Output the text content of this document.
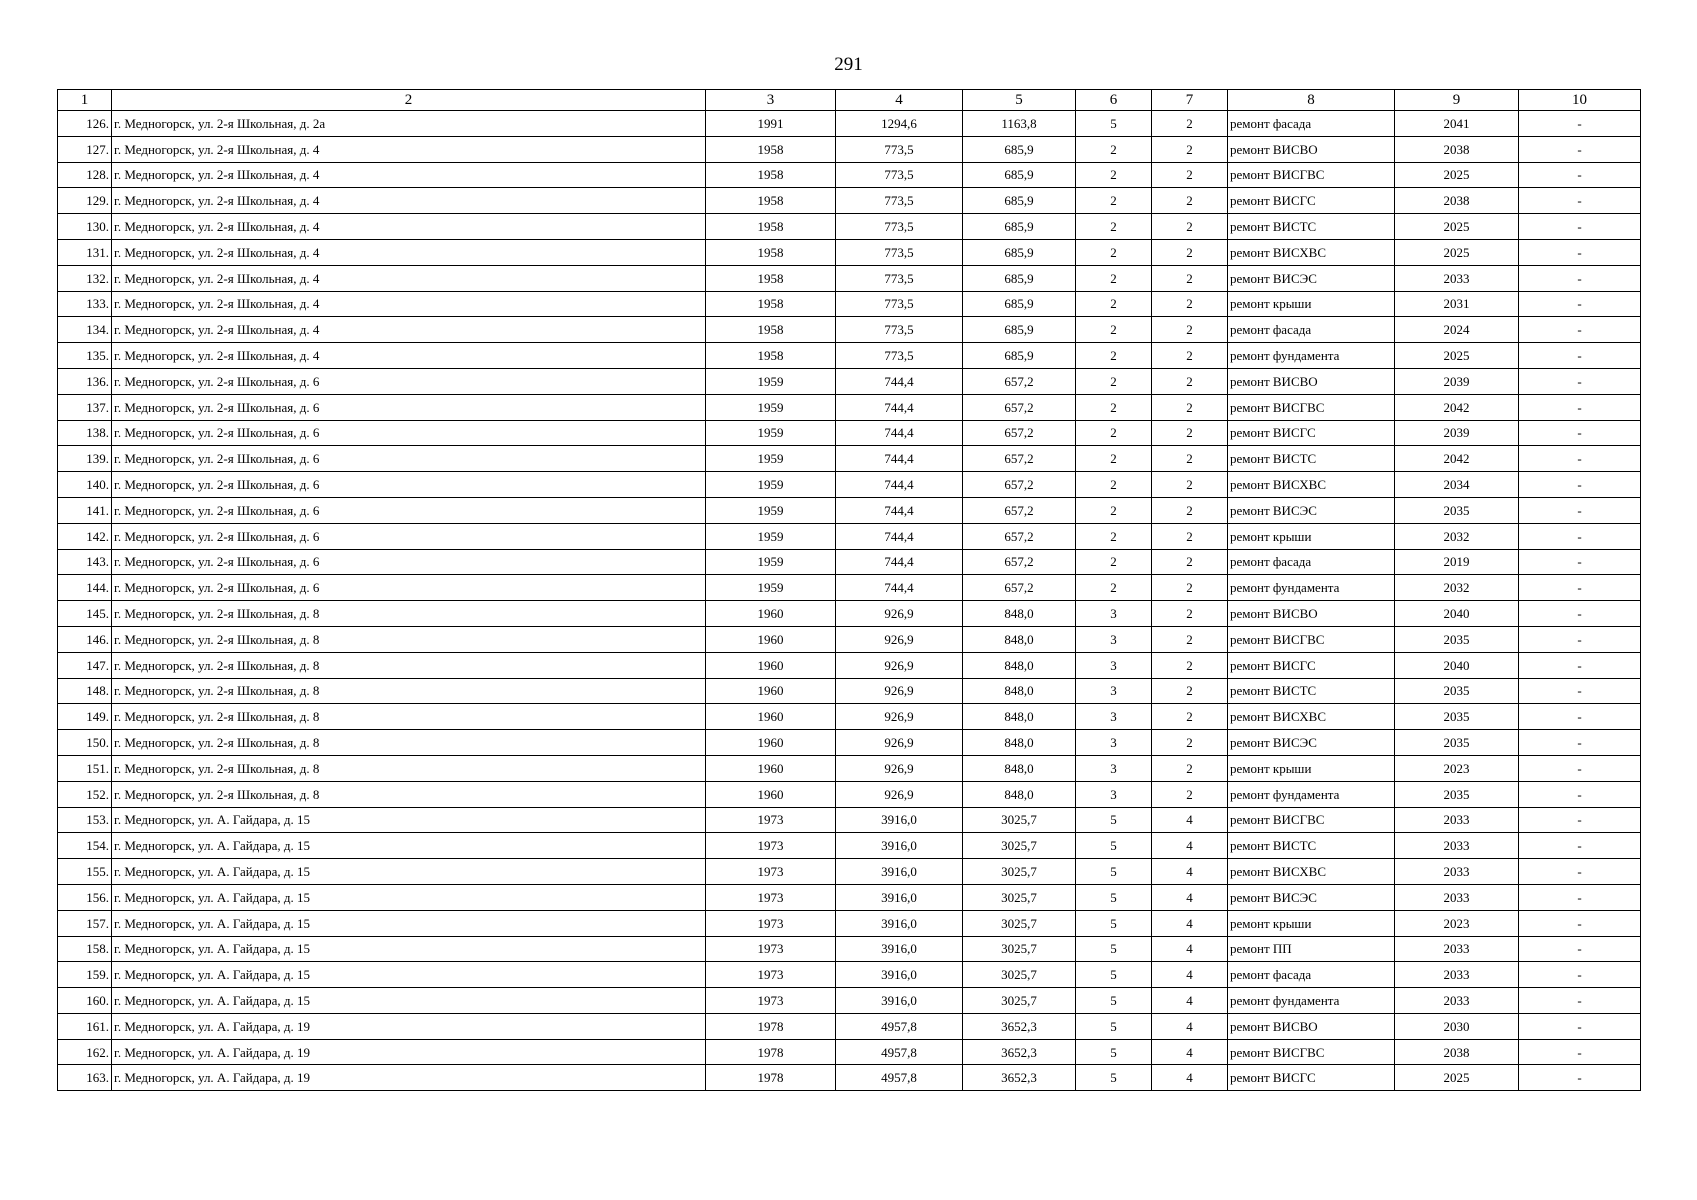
291
1	2	3	4	5	6	7	8	9	10
126.	г. Медногорск, ул. 2-я Школьная, д. 2а	1991	1294,6	1163,8	5	2	ремонт фасада	2041	-
127.	г. Медногорск, ул. 2-я Школьная, д. 4	1958	773,5	685,9	2	2	ремонт ВИСВО	2038	-
128.	г. Медногорск, ул. 2-я Школьная, д. 4	1958	773,5	685,9	2	2	ремонт ВИСГВС	2025	-
129.	г. Медногорск, ул. 2-я Школьная, д. 4	1958	773,5	685,9	2	2	ремонт ВИСГС	2038	-
130.	г. Медногорск, ул. 2-я Школьная, д. 4	1958	773,5	685,9	2	2	ремонт ВИСТС	2025	-
131.	г. Медногорск, ул. 2-я Школьная, д. 4	1958	773,5	685,9	2	2	ремонт ВИСХВС	2025	-
132.	г. Медногорск, ул. 2-я Школьная, д. 4	1958	773,5	685,9	2	2	ремонт ВИСЭС	2033	-
133.	г. Медногорск, ул. 2-я Школьная, д. 4	1958	773,5	685,9	2	2	ремонт крыши	2031	-
134.	г. Медногорск, ул. 2-я Школьная, д. 4	1958	773,5	685,9	2	2	ремонт фасада	2024	-
135.	г. Медногорск, ул. 2-я Школьная, д. 4	1958	773,5	685,9	2	2	ремонт фундамента	2025	-
136.	г. Медногорск, ул. 2-я Школьная, д. 6	1959	744,4	657,2	2	2	ремонт ВИСВО	2039	-
137.	г. Медногорск, ул. 2-я Школьная, д. 6	1959	744,4	657,2	2	2	ремонт ВИСГВС	2042	-
138.	г. Медногорск, ул. 2-я Школьная, д. 6	1959	744,4	657,2	2	2	ремонт ВИСГС	2039	-
139.	г. Медногорск, ул. 2-я Школьная, д. 6	1959	744,4	657,2	2	2	ремонт ВИСТС	2042	-
140.	г. Медногорск, ул. 2-я Школьная, д. 6	1959	744,4	657,2	2	2	ремонт ВИСХВС	2034	-
141.	г. Медногорск, ул. 2-я Школьная, д. 6	1959	744,4	657,2	2	2	ремонт ВИСЭС	2035	-
142.	г. Медногорск, ул. 2-я Школьная, д. 6	1959	744,4	657,2	2	2	ремонт крыши	2032	-
143.	г. Медногорск, ул. 2-я Школьная, д. 6	1959	744,4	657,2	2	2	ремонт фасада	2019	-
144.	г. Медногорск, ул. 2-я Школьная, д. 6	1959	744,4	657,2	2	2	ремонт фундамента	2032	-
145.	г. Медногорск, ул. 2-я Школьная, д. 8	1960	926,9	848,0	3	2	ремонт ВИСВО	2040	-
146.	г. Медногорск, ул. 2-я Школьная, д. 8	1960	926,9	848,0	3	2	ремонт ВИСГВС	2035	-
147.	г. Медногорск, ул. 2-я Школьная, д. 8	1960	926,9	848,0	3	2	ремонт ВИСГС	2040	-
148.	г. Медногорск, ул. 2-я Школьная, д. 8	1960	926,9	848,0	3	2	ремонт ВИСТС	2035	-
149.	г. Медногорск, ул. 2-я Школьная, д. 8	1960	926,9	848,0	3	2	ремонт ВИСХВС	2035	-
150.	г. Медногорск, ул. 2-я Школьная, д. 8	1960	926,9	848,0	3	2	ремонт ВИСЭС	2035	-
151.	г. Медногорск, ул. 2-я Школьная, д. 8	1960	926,9	848,0	3	2	ремонт крыши	2023	-
152.	г. Медногорск, ул. 2-я Школьная, д. 8	1960	926,9	848,0	3	2	ремонт фундамента	2035	-
153.	г. Медногорск, ул. А. Гайдара, д. 15	1973	3916,0	3025,7	5	4	ремонт ВИСГВС	2033	-
154.	г. Медногорск, ул. А. Гайдара, д. 15	1973	3916,0	3025,7	5	4	ремонт ВИСТС	2033	-
155.	г. Медногорск, ул. А. Гайдара, д. 15	1973	3916,0	3025,7	5	4	ремонт ВИСХВС	2033	-
156.	г. Медногорск, ул. А. Гайдара, д. 15	1973	3916,0	3025,7	5	4	ремонт ВИСЭС	2033	-
157.	г. Медногорск, ул. А. Гайдара, д. 15	1973	3916,0	3025,7	5	4	ремонт крыши	2023	-
158.	г. Медногорск, ул. А. Гайдара, д. 15	1973	3916,0	3025,7	5	4	ремонт ПП	2033	-
159.	г. Медногорск, ул. А. Гайдара, д. 15	1973	3916,0	3025,7	5	4	ремонт фасада	2033	-
160.	г. Медногорск, ул. А. Гайдара, д. 15	1973	3916,0	3025,7	5	4	ремонт фундамента	2033	-
161.	г. Медногорск, ул. А. Гайдара, д. 19	1978	4957,8	3652,3	5	4	ремонт ВИСВО	2030	-
162.	г. Медногорск, ул. А. Гайдара, д. 19	1978	4957,8	3652,3	5	4	ремонт ВИСГВС	2038	-
163.	г. Медногорск, ул. А. Гайдара, д. 19	1978	4957,8	3652,3	5	4	ремонт ВИСГС	2025	-
